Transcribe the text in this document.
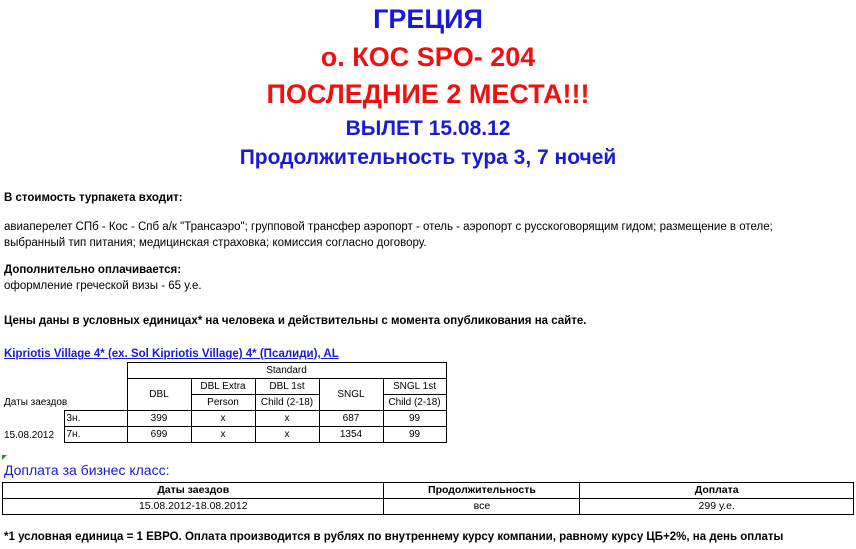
ГРЕЦИЯ
о. КОС SPO- 204
ПОСЛЕДНИЕ 2 МЕСТА!!!
ВЫЛЕТ 15.08.12
Продолжительность тура 3, 7 ночей
В стоимость турпакета входит:
авиаперелет СПб - Кос - Спб а/к "Трансаэро"; групповой трансфер аэропорт - отель - аэропорт с русскоговорящим гидом; размещение в отеле;
выбранный тип питания; медицинская страховка; комиссия согласно договору.
Дополнительно оплачивается:
оформление греческой визы - 65 у.е.
Цены даны в условных единицах* на человека и действительны с момента опубликования на сайте.
Kipriotis Village 4* (ex. Sol Kipriotis Village) 4* (Псалиди), AL
Даты заездов		Standard				
		DBL	DBL Extra	DBL 1st	SNGL	SNGL 1st
			Person	Child (2-18)		Child (2-18)

15.08.2012	3н.	399	x	x	687	99
	7н.	699	x	x	1354	99
Доплата за бизнес класс:
Даты заездов	Продолжительность	Доплата
15.08.2012-18.08.2012	все	299 у.е.
*1 условная единица = 1 ЕВРО. Оплата производится в рублях по внутреннему курсу компании, равному курсу ЦБ+2%, на день оплаты
